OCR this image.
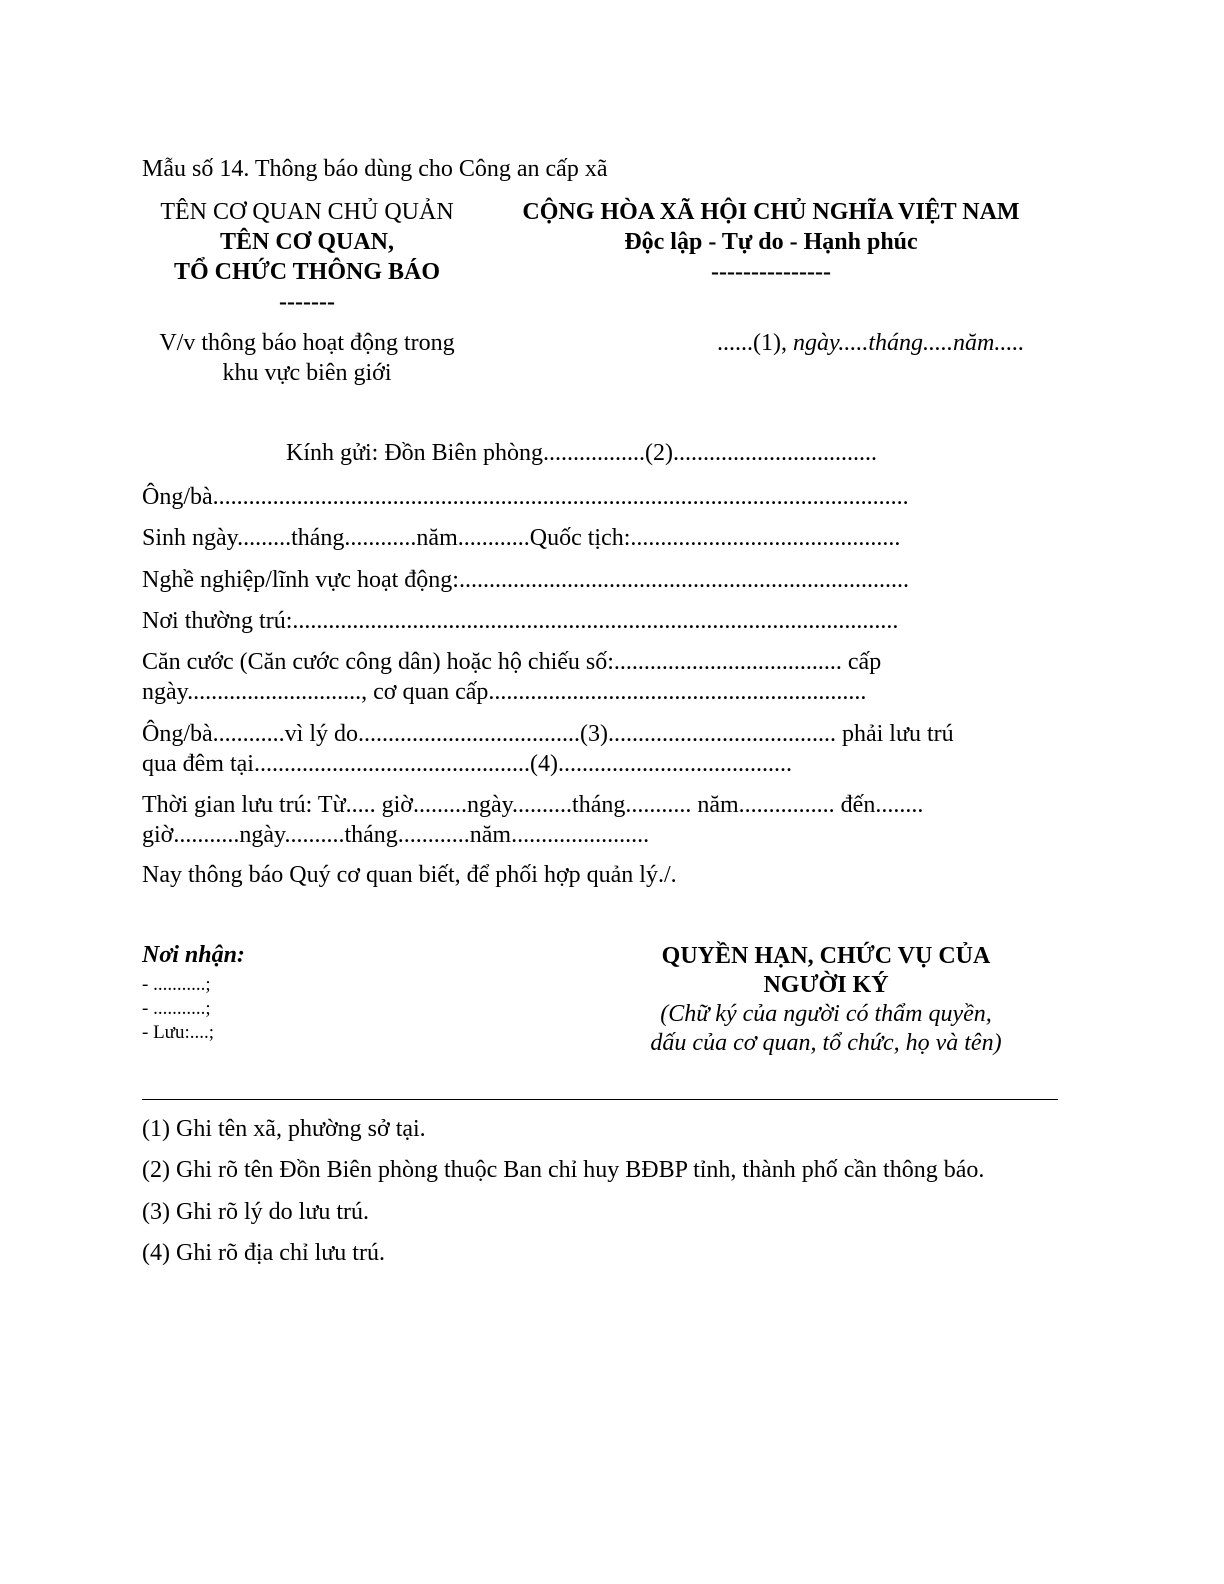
Mẫu số 14. Thông báo dùng cho Công an cấp xã
TÊN CƠ QUAN CHỦ QUẢN
TÊN CƠ QUAN,
TỔ CHỨC THÔNG BÁO
-------
V/v thông báo hoạt động trong
khu vực biên giới
CỘNG HÒA XÃ HỘI CHỦ NGHĨA VIỆT NAM
Độc lập - Tự do - Hạnh phúc
---------------
......(1), ngày.....tháng.....năm.....
Kính gửi: Đồn Biên phòng.................(2)..................................
Ông/bà....................................................................................................................
Sinh ngày.........tháng............năm............Quốc tịch:.............................................
Nghề nghiệp/lĩnh vực hoạt động:...........................................................................
Nơi thường trú:.....................................................................................................
Căn cước (Căn cước công dân) hoặc hộ chiếu số:...................................... cấp
ngày............................., cơ quan cấp...............................................................
Ông/bà............vì lý do.....................................(3)...................................... phải lưu trú
qua đêm tại..............................................(4).......................................
Thời gian lưu trú: Từ..... giờ.........ngày..........tháng........... năm................ đến........
giờ...........ngày..........tháng............năm.......................
Nay thông báo Quý cơ quan biết, để phối hợp quản lý./.
Nơi nhận:
- ...........;
- ...........;
- Lưu:....;
QUYỀN HẠN, CHỨC VỤ CỦA
NGƯỜI KÝ
(Chữ ký của người có thẩm quyền,
dấu của cơ quan, tổ chức, họ và tên)
(1) Ghi tên xã, phường sở tại.
(2) Ghi rõ tên Đồn Biên phòng thuộc Ban chỉ huy BĐBP tỉnh, thành phố cần thông báo.
(3) Ghi rõ lý do lưu trú.
(4) Ghi rõ địa chỉ lưu trú.
